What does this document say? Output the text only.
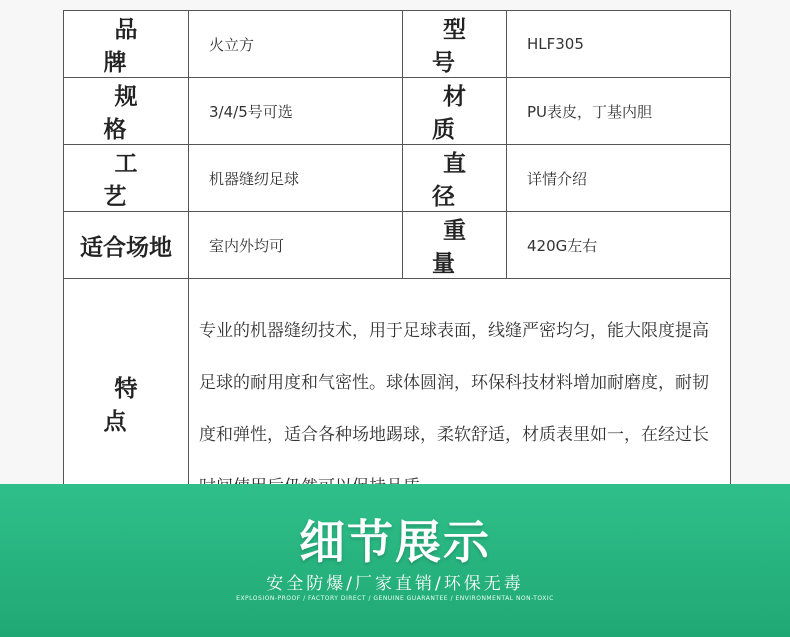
品 牌	火立方	型 号	HLF305
规 格	3/4/5号可选	材 质	PU表皮，丁基内胆
工 艺	机器缝纫足球	直 径	详情介绍
适合场地	室内外均可	重 量	420G左右
特 点	专业的机器缝纫技术，用于足球表面，线缝严密均匀，能大限度提高足球的耐用度和气密性。球体圆润，环保科技材料增加耐磨度，耐韧度和弹性，适合各种场地踢球，柔软舒适，材质表里如一，在经过长		
细节展示
安全防爆/厂家直销/环保无毒
EXPLOSION-PROOF / FACTORY DIRECT / GENUINE GUARANTEE / ENVIRONMENTAL NON-TOXIC
